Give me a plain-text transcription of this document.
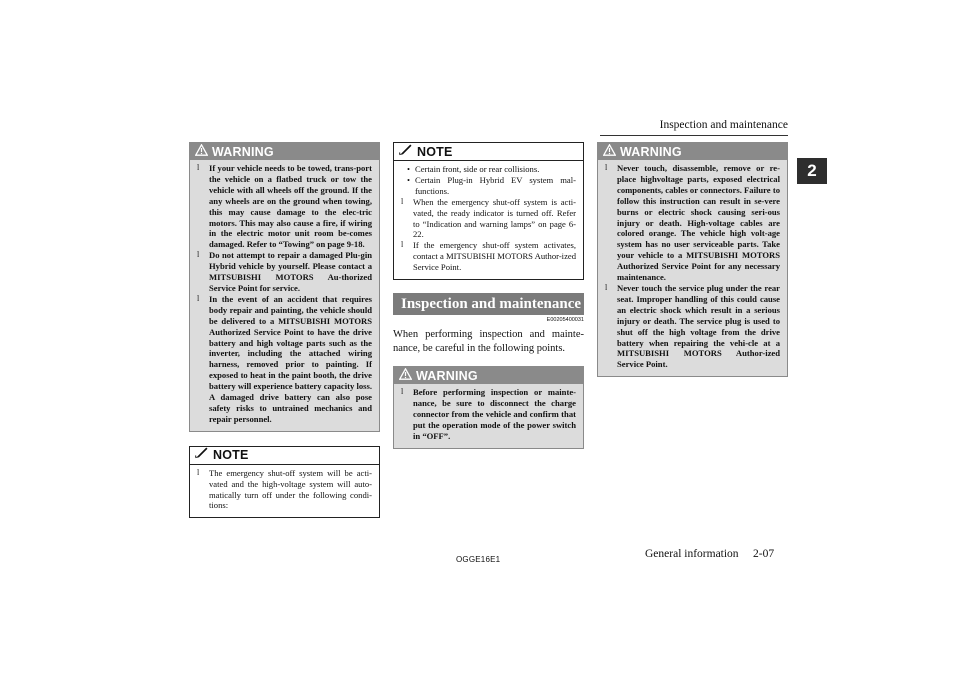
Inspection and maintenance
2
WARNING
l	If your vehicle needs to be towed, trans-port the vehicle on a flatbed truck or tow the vehicle with all wheels off the ground. If the any wheels are on the ground when towing, this may cause damage to the elec-tric motors. This may also cause a fire, if wiring in the electric motor unit room be-comes damaged. Refer to “Towing” on page 9-18.
l	Do not attempt to repair a damaged Plu-gin Hybrid vehicle by yourself. Please contact a MITSUBISHI MOTORS Au-thorized Service Point for service.
l	In the event of an accident that requires body repair and painting, the vehicle should be delivered to a MITSUBISHI MOTORS Authorized Service Point to have the drive battery and high voltage parts such as the inverter, including the attached wiring harness, removed prior to painting. If exposed to heat in the paint booth, the drive battery will experience battery capacity loss. A damaged drive battery can also pose safety risks to untrained mechanics and repair personnel.
NOTE
l	The emergency shut-off system will be acti-vated and the high-voltage system will auto-matically turn off under the following condi-tions:
NOTE
• Certain front, side or rear collisions.
• Certain Plug-in Hybrid EV system mal-functions.
l	When the emergency shut-off system is acti-vated, the ready indicator is turned off. Refer to “Indication and warning lamps” on page 6-22.
l	If the emergency shut-off system activates, contact a MITSUBISHI MOTORS Author-ized Service Point.
Inspection and maintenance
E00205400031
When performing inspection and mainte-nance, be careful in the following points.
WARNING
l	Before performing inspection or mainte-nance, be sure to disconnect the charge connector from the vehicle and confirm that put the operation mode of the power switch in “OFF”.
WARNING
l	Never touch, disassemble, remove or re-place highvoltage parts, exposed electrical components, cables or connectors. Failure to follow this instruction can result in se-vere burns or electric shock causing seri-ous injury or death. High-voltage cables are colored orange. The vehicle high volt-age system has no user serviceable parts. Take your vehicle to a MITSUBISHI MOTORS Authorized Service Point for any necessary maintenance.
l	Never touch the service plug under the rear seat. Improper handling of this could cause an electric shock which result in a serious injury or death. The service plug is used to shut off the high voltage from the drive battery when repairing the vehi-cle at a MITSUBISHI MOTORS Author-ized Service Point.
OGGE16E1	General information 2-07
